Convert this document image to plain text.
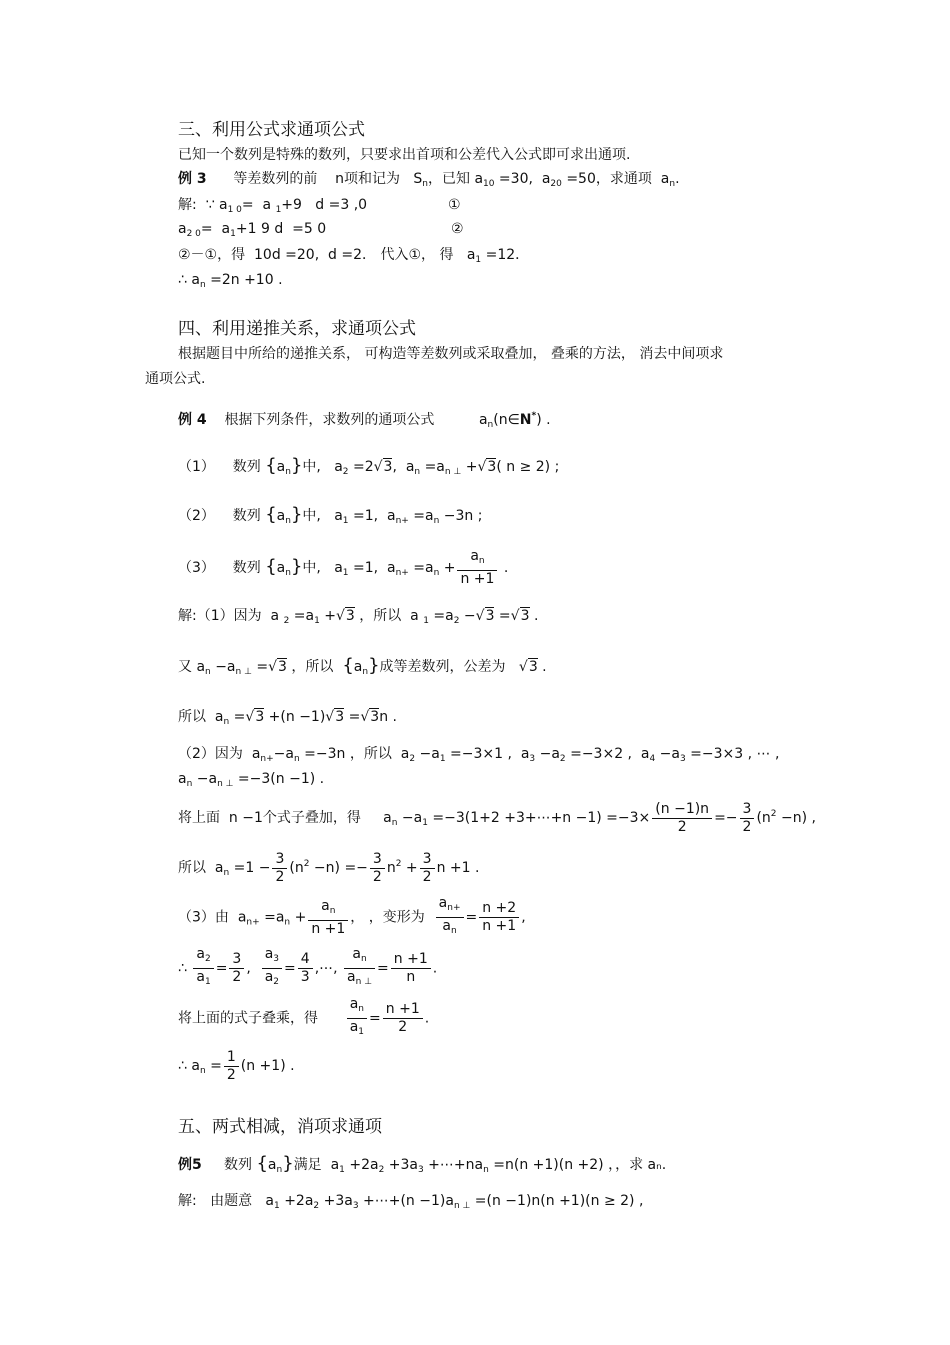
三、利用公式求通项公式
已知一个数列是特殊的数列，只要求出首项和公差代入公式即可求出通项.
例 3 等差数列的前 n项和记为 $S_n$，已知 $a_{10} =30$,  $a_{20} =50$，求通项 $a_n$.
解:  ∵ $a_{1 0}= a$ $_1$+9   d =3 ,0	①
$a_{2 0}= a_1+1$ 9 d  =5 0	②
②－①，得  10d =20,  d =2． 代入①， 得   $a_1 =12$．
∴ $a_n =2n +10$ .
四、利用递推关系，求通项公式
根据题目中所给的递推关系， 可构造等差数列或采取叠加， 叠乘的方法， 消去中间项求
通项公式.
例 4 根据下列条件，求数列的通项公式	$a_n(n\in N^*)$ .
（1） 数列 $\{a_n\}$中,   $a_2 =2√3$,  $a_n =a_{n \perp} +√3$( n ≥ 2) ;
（2） 数列 $\{a_n\}$中,   $a_1 =1$,  $a_{n+} =a_n -3n$ ;
（3） 数列 $\{a_n\}$中,   $a_1 =1$,  $a_{n+} =a_n + \frac{a_n}{n +1}$ .
解:（1）因为  a $_2 =a_1 +√3$ ，所以  a $_1 =a_2 -√3 =√3$ .
又 $a_n -a_{n \perp} =√3$ ，所以 $\{a_n\}$成等差数列，公差为   √3 .
所以  $a_n =√3 +(n -1)√3 =√3n$ .
（2）因为  $a_{n+}-a_n =-3n$ ，所以  $a_2 -a_1 =-3\times 1$ ,  $a_3 -a_2 =-3\times 2$ ,  $a_4 -a_3 =-3\times 3$ , ⋯ ,
$a_n -a_{n \perp} =-3(n -1)$ .
将上面 n −1个式子叠加，得     $a_n -a_1 =-3(1+2$ +3+⋯+n $-1) =-3\times \frac{(n -1)n}{2} =- \frac{3}{2} (n^2 -n)$ ,
所以  $a_n =1 - \frac{3}{2} (n^2 -n) =- \frac{3}{2} n^2 + \frac{3}{2}$ n +1 .
（3）由  $a_{n+} =a_n + \frac{a_n}{n +1}$ ， ，变形为 $\frac{a_{n+}}{a_n} = \frac{n +2}{n +1}$ ,
∴ $\frac{a_2}{a_1} = \frac{3}{2}$ , $\frac{a_3}{a_2} = \frac{4}{3}$ ,⋯, $\frac{a_n}{a_{n \perp}} = \frac{n +1}{n}$ .
将上面的式子叠乘，得 $\frac{a_n}{a_1} = \frac{n +1}{2}$ .
∴ $a_n = \frac{1}{2} (n +1)$ .
五、两式相减，消项求通项
例5 数列 $\{a_n\}$满足  $a_1 +2a_2 +3a_3$ $+\cdots+na_n =n(n +1)(n +2)$ ，，求 aₙ.
解: 由题意   $a_1 +2a_2 +3a_3$ +⋯+(n $-1)a_{n \perp} =(n -1)n(n +1)(n \ge 2)$ ,
